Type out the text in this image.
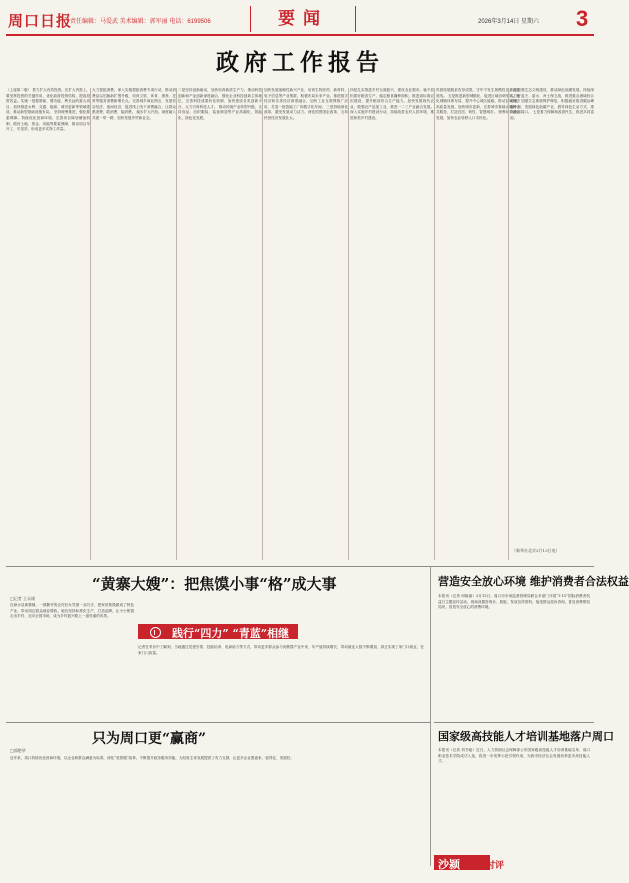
周口日报
责任编辑：马爱武 美术编辑：郭军丽 电话：6199506	要闻	2026年3月14日 星期六 3
政府工作报告
（上接第二版） 着力扩大有效投资。在扩大内需上，要发挥投资的关键作用，优化政府投资结构，提高投资效益。实施一批强基础、增功能、利长远的重大项目，加快推进水利、交通、能源、城市更新等领域建设，推动新型基础设施布局。 坚持统筹推进，强化要素保障。持续优化营商环境，完善项目谋划储备机制，做好土地、资金、用能等要素保障，推动项目早开工、早见效，形成更多实物工作量。
大力提振消费。深入实施提振消费专项行动，推动消费品以旧换新扩围升级，培育文旅、体育、康养、托育等服务消费新增长点。完善城乡商业网点，发展首店经济、夜间经济，促进线上线下消费融合，让群众愿消费、敢消费、能消费。 稳步扩大开放。深度融入共建一带一路，加快发展外贸新业态。
二是坚持创新驱动，加快培育新质生产力。推动科技创新和产业创新深度融合，强化企业科技创新主体地位，完善科技成果转化机制，加快建设各类创新平台，大力引育科技人才。 推动传统产业转型升级，支持食品、纺织服装、装备制造等产业高端化、智能化、绿色化发展。
加快发展战略性新兴产业，培育生物医药、新材料、电子信息等产业集群，积极布局未来产业。推进数字经济和实体经济深度融合，加快工业互联网推广应用，打造一批智能工厂和数字化车间。 三是持续深化改革，激发发展动力活力。深化国资国企改革，支持民营经济发展壮大。
四是扎实推进乡村全面振兴，建设农业强市。毫不放松抓好粮食生产，稳定粮食播种面积，推进高标准农田建设，提升粮食综合生产能力。加快发展现代农业，做强农产品加工业，推进一二三产业融合发展。 深入实施乡村建设行动，持续改善农村人居环境，推进和美乡村建设。
巩固拓展脱贫攻坚成果，守牢不发生规模性返贫致贫底线。 五是推进新型城镇化，促进区域协调发展。优化城镇体系布局，提升中心城区能级，推动县域经济高质量发展。加快城市更新，完善城市基础设施和公共服务，打造宜居、韧性、智慧城市。 统筹城乡融合发展，加快农业转移人口市民化。
六是加强生态文明建设，推动绿色低碳发展。持续深入打好蓝天、碧水、净土保卫战，推进重点流域综合治理，加强生态系统保护修复，积极稳妥推进碳达峰碳中和，发展绿色低碳产业，倡导绿色生活方式，建设美丽周口。 七是着力保障和改善民生，推进共同富裕。
（新华社北京3月13日电）
“黄寨大嫂”：把焦馍小事“格”成大事
□记者 王永刚
在商水县黄寨镇，一群勤劳的农村妇女凭借一双巧手，把家常焦馍做成了特色产业，带动周边群众就业增收。她们坚持标准化生产，打造品牌，让小小焦馍走出乡村、走向全国市场，成为乡村振兴路上一道亮丽的风景。
践行“四力” “青蓝”相继
记者在采访中了解到，当地通过党建引领、技能培训、电商助力等方式，带动更多群众参与到焦馍产业中来，年产值持续增长，带动就业人数不断增加，真正实现了家门口就业、在家门口致富。
营造安全放心环境 维护消费者合法权益
本报讯（记者 何晓丽）3月13日，周口市市场监督管理局联合多部门开展“3·15”国际消费者权益日主题宣传活动，现场设置咨询台、展板，发放宣传资料，接受群众投诉咨询，普及消费维权知识，营造安全放心的消费环境。
只为周口更“赢商”
□郭艳华
近年来，周口持续优化营商环境，以企业和群众满意为标准，深化“放管服”改革，不断提升政务服务效能，为经营主体发展提供了有力支撑，让更多企业愿意来、留得住、发展好。
国家级高技能人才培训基地落户周口
本报讯（记者 刘书瑶）近日，人力资源社会保障部公布国家级高技能人才培训基地名单，周口职业技术学院成功入选，将进一步发挥示范引领作用，为我市经济社会发展培养更多高技能人才。
沙颍	时评
